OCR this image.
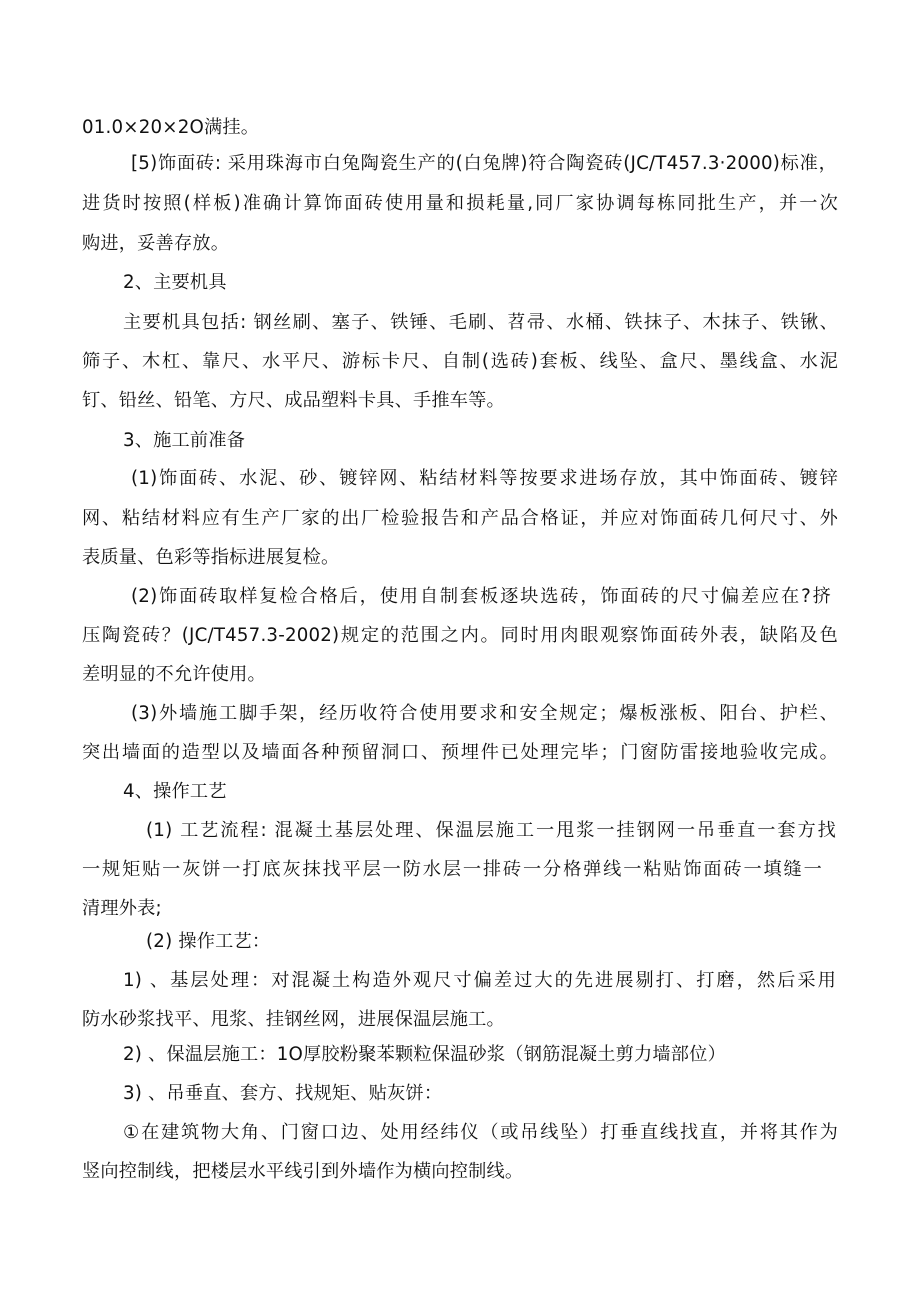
01.0×20×2O满挂。
[5)饰面砖: 采用珠海市白兔陶瓷生产的(白兔牌)符合陶瓷砖(JC/T457.3·2000)标准，
进货时按照(样板)准确计算饰面砖使用量和损耗量,同厂家协调每栋同批生产，并一次
购进，妥善存放。
2、主要机具
主要机具包括: 钢丝刷、塞子、铁锤、毛刷、苕帚、水桶、铁抹子、木抹子、铁锹、
筛子、木杠、靠尺、水平尺、游标卡尺、自制(选砖)套板、线坠、盒尺、墨线盒、水泥
钉、铅丝、铅笔、方尺、成品塑料卡具、手推车等。
3、施工前准备
(1)饰面砖、水泥、砂、镀锌网、粘结材料等按要求进场存放，其中饰面砖、镀锌
网、粘结材料应有生产厂家的出厂检验报告和产品合格证，并应对饰面砖几何尺寸、外
表质量、色彩等指标进展复检。
(2)饰面砖取样复检合格后，使用自制套板逐块选砖，饰面砖的尺寸偏差应在?挤
压陶瓷砖？(JC/T457.3-2002)规定的范围之内。同时用肉眼观察饰面砖外表，缺陷及色
差明显的不允许使用。
(3)外墙施工脚手架，经历收符合使用要求和安全规定；爆板涨板、阳台、护栏、
突出墙面的造型以及墙面各种预留洞口、预埋件已处理完毕；门窗防雷接地验收完成。
4、操作工艺
(1) 工艺流程: 混凝土基层处理、保温层施工一甩浆一挂钢网一吊垂直一套方找
一规矩贴一灰饼一打底灰抹找平层一防水层一排砖一分格弹线一粘贴饰面砖一填缝一
清理外表;
(2) 操作工艺：
1) 、基层处理：对混凝土构造外观尺寸偏差过大的先进展剔打、打磨，然后采用
防水砂浆找平、甩浆、挂钢丝网，进展保温层施工。
2) 、保温层施工：1O厚胶粉聚苯颗粒保温砂浆（钢筋混凝土剪力墙部位）
3) 、吊垂直、套方、找规矩、贴灰饼：
①在建筑物大角、门窗口边、处用经纬仪（或吊线坠）打垂直线找直，并将其作为
竖向控制线，把楼层水平线引到外墙作为横向控制线。
